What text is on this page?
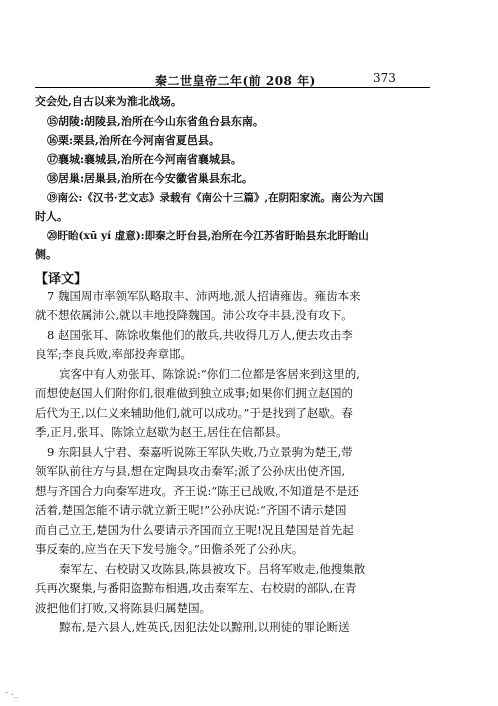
秦二世皇帝二年(前 208 年)	373
交会处,自古以来为淮北战场。
⑮胡陵:胡陵县,治所在今山东省鱼台县东南。
⑯栗:栗县,治所在今河南省夏邑县。
⑰襄城:襄城县,治所在今河南省襄城县。
⑱居巢:居巢县,治所在今安徽省巢县东北。
⑲南公:《汉书·艺文志》录载有《南公十三篇》,在阴阳家流。南公为六国
时人。
⑳盱眙(xū yí 虚意):即秦之盱台县,治所在今江苏省盱眙县东北盱眙山
侧。
【译文】
7 魏国周市率领军队略取丰、沛两地,派人招请雍齿。雍齿本来
就不想依属沛公,就以丰地投降魏国。沛公攻夺丰县,没有攻下。
8 赵国张耳、陈馀收集他们的散兵,共收得几万人,便去攻击李
良军;李良兵败,率部投奔章邯。
宾客中有人劝张耳、陈馀说:“你们二位都是客居来到这里的,
而想使赵国人们附你们,很难做到独立成事;如果你们拥立赵国的
后代为王,以仁义来辅助他们,就可以成功。”于是找到了赵歇。春
季,正月,张耳、陈馀立赵歇为赵王,居住在信都县。
9 东阳县人宁君、秦嘉听说陈王军队失败,乃立景驹为楚王,带
领军队前往方与县,想在定陶县攻击秦军;派了公孙庆出使齐国,
想与齐国合力向秦军进攻。齐王说:“陈王已战败,不知道是不是还
活着,楚国怎能不请示就立新王呢!”公孙庆说:“齐国不请示楚国
而自己立王,楚国为什么要请示齐国而立王呢!况且楚国是首先起
事反秦的,应当在天下发号施令。”田儋杀死了公孙庆。
秦军左、右校尉又攻陈县,陈县被攻下。吕将军败走,他搜集散
兵再次聚集,与番阳盗黥布相遇,攻击秦军左、右校尉的部队,在青
波把他们打败,又将陈县归属楚国。
黥布,是六县人,姓英氏,因犯法处以黥刑,以刑徒的罪论断送
- ._
